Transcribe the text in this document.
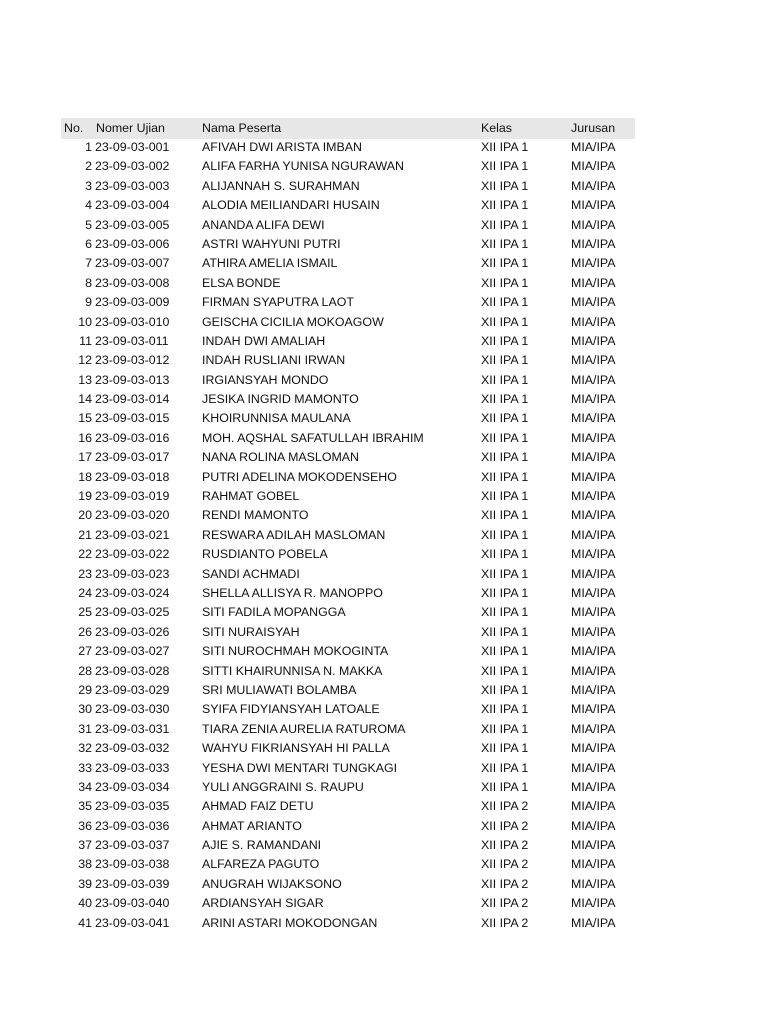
No. Nomer Ujian	Nama Peserta	Kelas	Jurusan
1 23-09-03-001	AFIVAH DWI ARISTA IMBAN	XII IPA 1	MIA/IPA
2 23-09-03-002	ALIFA FARHA YUNISA NGURAWAN	XII IPA 1	MIA/IPA
3 23-09-03-003	ALIJANNAH S. SURAHMAN	XII IPA 1	MIA/IPA
4 23-09-03-004	ALODIA MEILIANDARI HUSAIN	XII IPA 1	MIA/IPA
5 23-09-03-005	ANANDA ALIFA DEWI	XII IPA 1	MIA/IPA
6 23-09-03-006	ASTRI WAHYUNI PUTRI	XII IPA 1	MIA/IPA
7 23-09-03-007	ATHIRA AMELIA ISMAIL	XII IPA 1	MIA/IPA
8 23-09-03-008	ELSA BONDE	XII IPA 1	MIA/IPA
9 23-09-03-009	FIRMAN SYAPUTRA LAOT	XII IPA 1	MIA/IPA
10 23-09-03-010	GEISCHA CICILIA MOKOAGOW	XII IPA 1	MIA/IPA
11 23-09-03-011	INDAH DWI AMALIAH	XII IPA 1	MIA/IPA
12 23-09-03-012	INDAH RUSLIANI IRWAN	XII IPA 1	MIA/IPA
13 23-09-03-013	IRGIANSYAH MONDO	XII IPA 1	MIA/IPA
14 23-09-03-014	JESIKA INGRID MAMONTO	XII IPA 1	MIA/IPA
15 23-09-03-015	KHOIRUNNISA MAULANA	XII IPA 1	MIA/IPA
16 23-09-03-016	MOH. AQSHAL SAFATULLAH IBRAHIM	XII IPA 1	MIA/IPA
17 23-09-03-017	NANA ROLINA MASLOMAN	XII IPA 1	MIA/IPA
18 23-09-03-018	PUTRI ADELINA MOKODENSEHO	XII IPA 1	MIA/IPA
19 23-09-03-019	RAHMAT GOBEL	XII IPA 1	MIA/IPA
20 23-09-03-020	RENDI MAMONTO	XII IPA 1	MIA/IPA
21 23-09-03-021	RESWARA ADILAH MASLOMAN	XII IPA 1	MIA/IPA
22 23-09-03-022	RUSDIANTO POBELA	XII IPA 1	MIA/IPA
23 23-09-03-023	SANDI ACHMADI	XII IPA 1	MIA/IPA
24 23-09-03-024	SHELLA ALLISYA R. MANOPPO	XII IPA 1	MIA/IPA
25 23-09-03-025	SITI FADILA MOPANGGA	XII IPA 1	MIA/IPA
26 23-09-03-026	SITI NURAISYAH	XII IPA 1	MIA/IPA
27 23-09-03-027	SITI NUROCHMAH MOKOGINTA	XII IPA 1	MIA/IPA
28 23-09-03-028	SITTI KHAIRUNNISA N. MAKKA	XII IPA 1	MIA/IPA
29 23-09-03-029	SRI MULIAWATI BOLAMBA	XII IPA 1	MIA/IPA
30 23-09-03-030	SYIFA FIDYIANSYAH LATOALE	XII IPA 1	MIA/IPA
31 23-09-03-031	TIARA ZENIA AURELIA RATUROMA	XII IPA 1	MIA/IPA
32 23-09-03-032	WAHYU FIKRIANSYAH HI PALLA	XII IPA 1	MIA/IPA
33 23-09-03-033	YESHA DWI MENTARI TUNGKAGI	XII IPA 1	MIA/IPA
34 23-09-03-034	YULI ANGGRAINI S. RAUPU	XII IPA 1	MIA/IPA
35 23-09-03-035	AHMAD FAIZ DETU	XII IPA 2	MIA/IPA
36 23-09-03-036	AHMAT ARIANTO	XII IPA 2	MIA/IPA
37 23-09-03-037	AJIE S. RAMANDANI	XII IPA 2	MIA/IPA
38 23-09-03-038	ALFAREZA PAGUTO	XII IPA 2	MIA/IPA
39 23-09-03-039	ANUGRAH WIJAKSONO	XII IPA 2	MIA/IPA
40 23-09-03-040	ARDIANSYAH SIGAR	XII IPA 2	MIA/IPA
41 23-09-03-041	ARINI ASTARI MOKODONGAN	XII IPA 2	MIA/IPA
